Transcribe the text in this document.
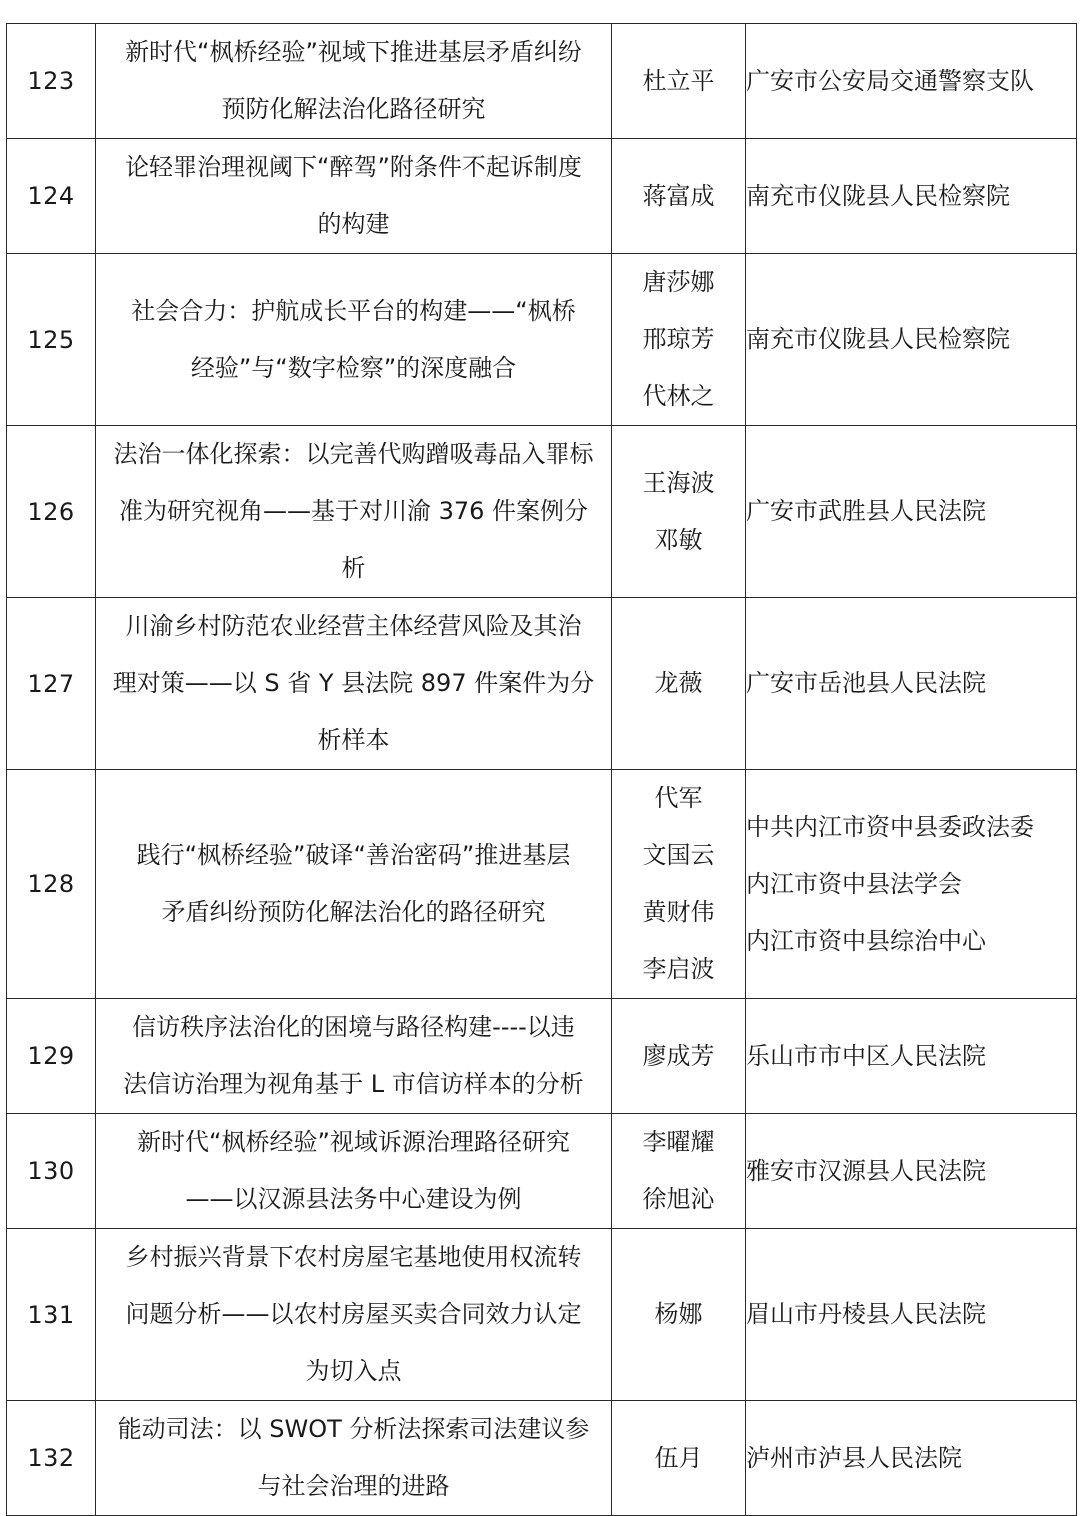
123	新时代“枫桥经验”视域下推进基层矛盾纠纷
预防化解法治化路径研究	杜立平	广安市公安局交通警察支队

124	论轻罪治理视阈下“醉驾”附条件不起诉制度
的构建	蒋富成	南充市仪陇县人民检察院

125	社会合力：护航成长平台的构建——“枫桥
经验”与“数字检察”的深度融合	唐莎娜
邢琼芳
代林之	南充市仪陇县人民检察院

126	法治一体化探索：以完善代购蹭吸毒品入罪标
准为研究视角——基于对川渝 376 件案例分
析	王海波
邓敏	广安市武胜县人民法院

127	川渝乡村防范农业经营主体经营风险及其治
理对策——以 S 省 Y 县法院 897 件案件为分
析样本	龙薇	广安市岳池县人民法院

128	践行“枫桥经验”破译“善治密码”推进基层
矛盾纠纷预防化解法治化的路径研究	代军
文国云
黄财伟
李启波	中共内江市资中县委政法委
内江市资中县法学会
内江市资中县综治中心

129	信访秩序法治化的困境与路径构建----以违
法信访治理为视角基于 L 市信访样本的分析	廖成芳	乐山市市中区人民法院

130	新时代“枫桥经验”视域诉源治理路径研究
——以汉源县法务中心建设为例	李曜耀
徐旭沁	雅安市汉源县人民法院

131	乡村振兴背景下农村房屋宅基地使用权流转
问题分析——以农村房屋买卖合同效力认定
为切入点	杨娜	眉山市丹棱县人民法院

132	能动司法：以 SWOT 分析法探索司法建议参
与社会治理的进路	伍月	泸州市泸县人民法院
